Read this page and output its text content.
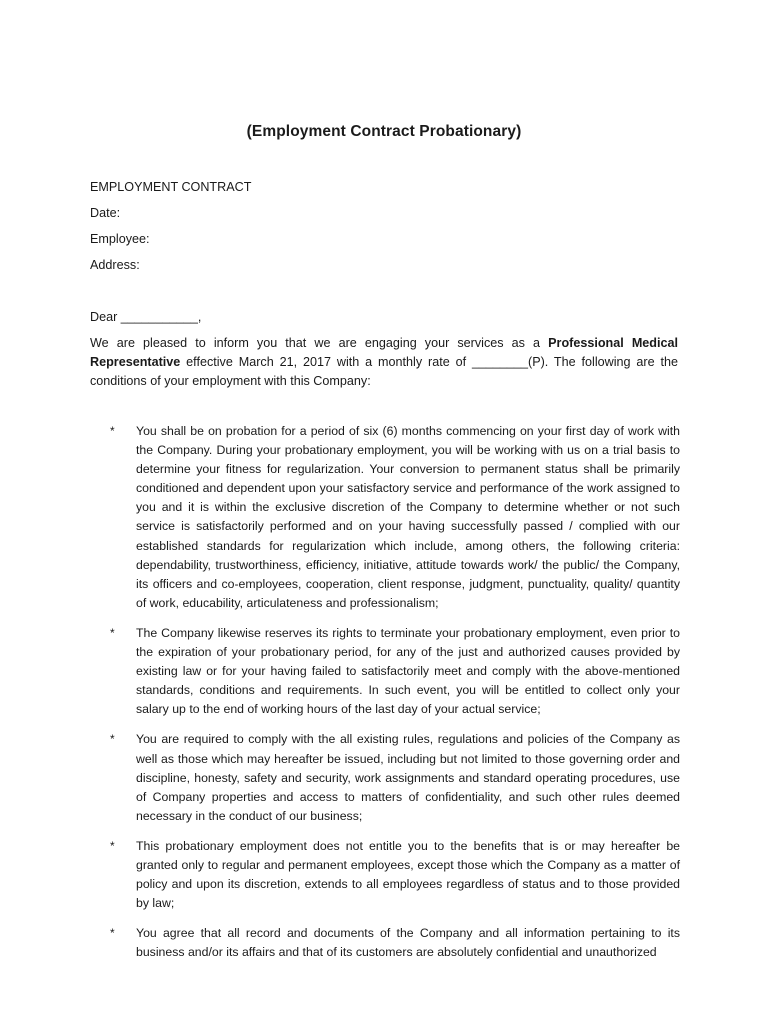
(Employment Contract Probationary)
EMPLOYMENT CONTRACT
Date:
Employee:
Address:
Dear ___________,
We are pleased to inform you that we are engaging your services as a Professional Medical Representative effective March 21, 2017 with a monthly rate of ________(P). The following are the conditions of your employment with this Company:
* You shall be on probation for a period of six (6) months commencing on your first day of work with the Company. During your probationary employment, you will be working with us on a trial basis to determine your fitness for regularization. Your conversion to permanent status shall be primarily conditioned and dependent upon your satisfactory service and performance of the work assigned to you and it is within the exclusive discretion of the Company to determine whether or not such service is satisfactorily performed and on your having successfully passed / complied with our established standards for regularization which include, among others, the following criteria: dependability, trustworthiness, efficiency, initiative, attitude towards work/ the public/ the Company, its officers and co-employees, cooperation, client response, judgment, punctuality, quality/ quantity of work, educability, articulateness and professionalism;
* The Company likewise reserves its rights to terminate your probationary employment, even prior to the expiration of your probationary period, for any of the just and authorized causes provided by existing law or for your having failed to satisfactorily meet and comply with the above-mentioned standards, conditions and requirements. In such event, you will be entitled to collect only your salary up to the end of working hours of the last day of your actual service;
* You are required to comply with the all existing rules, regulations and policies of the Company as well as those which may hereafter be issued, including but not limited to those governing order and discipline, honesty, safety and security, work assignments and standard operating procedures, use of Company properties and access to matters of confidentiality, and such other rules deemed necessary in the conduct of our business;
* This probationary employment does not entitle you to the benefits that is or may hereafter be granted only to regular and permanent employees, except those which the Company as a matter of policy and upon its discretion, extends to all employees regardless of status and to those provided by law;
* You agree that all record and documents of the Company and all information pertaining to its business and/or its affairs and that of its customers are absolutely confidential and unauthorized
